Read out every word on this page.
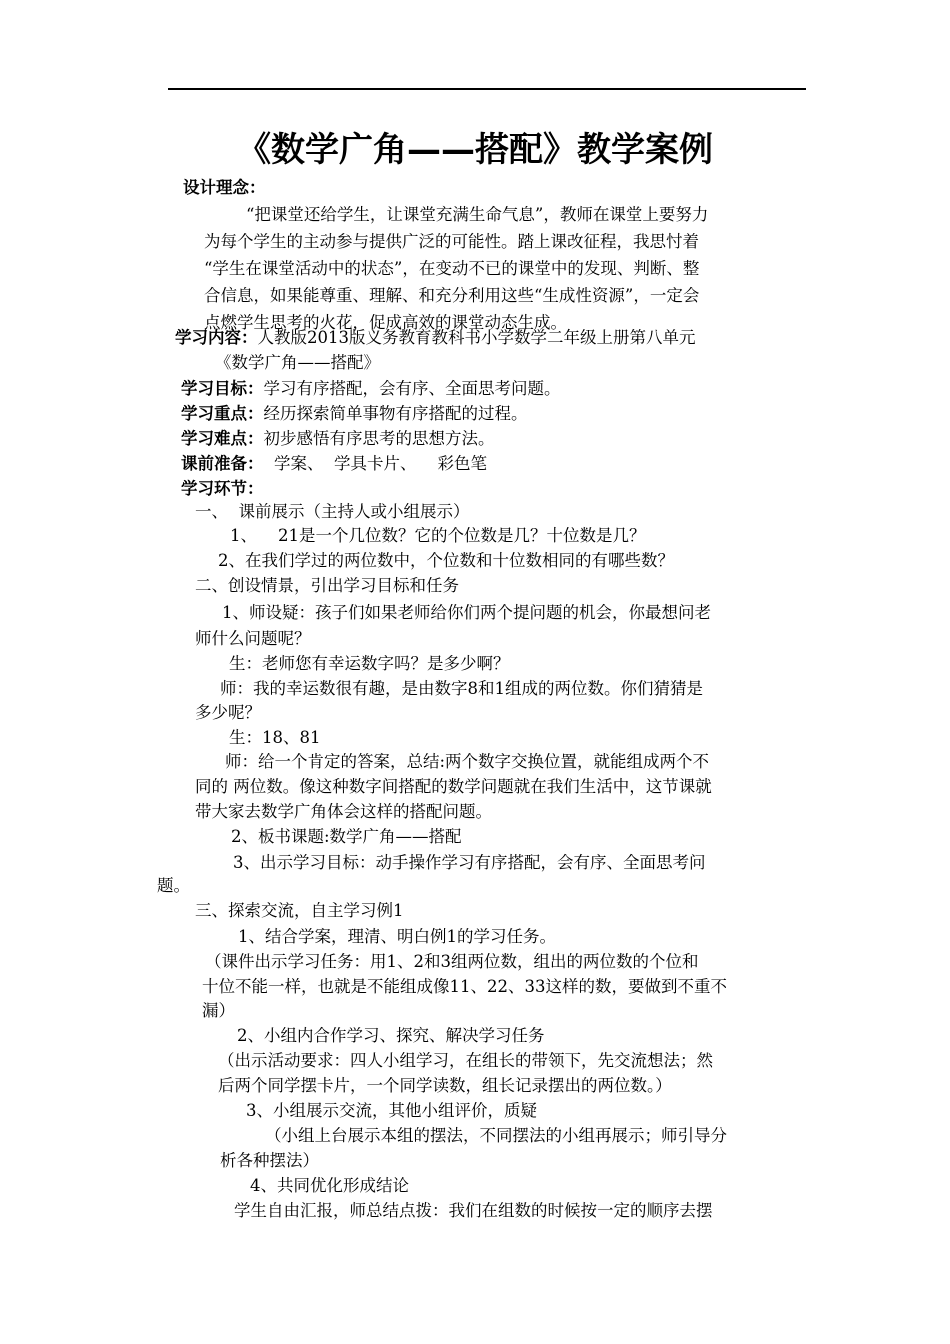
《数学广角——搭配》教学案例
设计理念：
“把课堂还给学生，让课堂充满生命气息”，教师在课堂上要努力
为每个学生的主动参与提供广泛的可能性。踏上课改征程，我思忖着
“学生在课堂活动中的状态”，在变动不已的课堂中的发现、判断、整
合信息，如果能尊重、理解、和充分利用这些“生成性资源”，一定会
点燃学生思考的火花，促成高效的课堂动态生成。
学习内容：人教版2013版义务教育教科书小学数学二年级上册第八单元
《数学广角——搭配》
学习目标：学习有序搭配，会有序、全面思考问题。
学习重点：经历探索简单事物有序搭配的过程。
学习难点：初步感悟有序思考的思想方法。
课前准备：  学案、  学具卡片、    彩色笔
学习环节：
一、  课前展示（主持人或小组展示）
1、    21是一个几位数？它的个位数是几？十位数是几？
2、在我们学过的两位数中，个位数和十位数相同的有哪些数？
二、创设情景，引出学习目标和任务
1、师设疑：孩子们如果老师给你们两个提问题的机会，你最想问老
师什么问题呢？
生：老师您有幸运数字吗？是多少啊？
师：我的幸运数很有趣，是由数字8和1组成的两位数。你们猜猜是
多少呢？
生：18、81
师：给一个肯定的答案，总结:两个数字交换位置，就能组成两个不
同的 两位数。像这种数字间搭配的数学问题就在我们生活中，这节课就
带大家去数学广角体会这样的搭配问题。
2、板书课题:数学广角——搭配
3、出示学习目标：动手操作学习有序搭配，会有序、全面思考问
题。
三、探索交流，自主学习例1
1、结合学案，理清、明白例1的学习任务。
（课件出示学习任务：用1、2和3组两位数，组出的两位数的个位和
十位不能一样，也就是不能组成像11、22、33这样的数，要做到不重不
漏）
2、小组内合作学习、探究、解决学习任务
（出示活动要求：四人小组学习，在组长的带领下，先交流想法；然
后两个同学摆卡片，一个同学读数，组长记录摆出的两位数。）
3、小组展示交流，其他小组评价，质疑
（小组上台展示本组的摆法，不同摆法的小组再展示；师引导分
析各种摆法）
4、共同优化形成结论
学生自由汇报，师总结点拨：我们在组数的时候按一定的顺序去摆
